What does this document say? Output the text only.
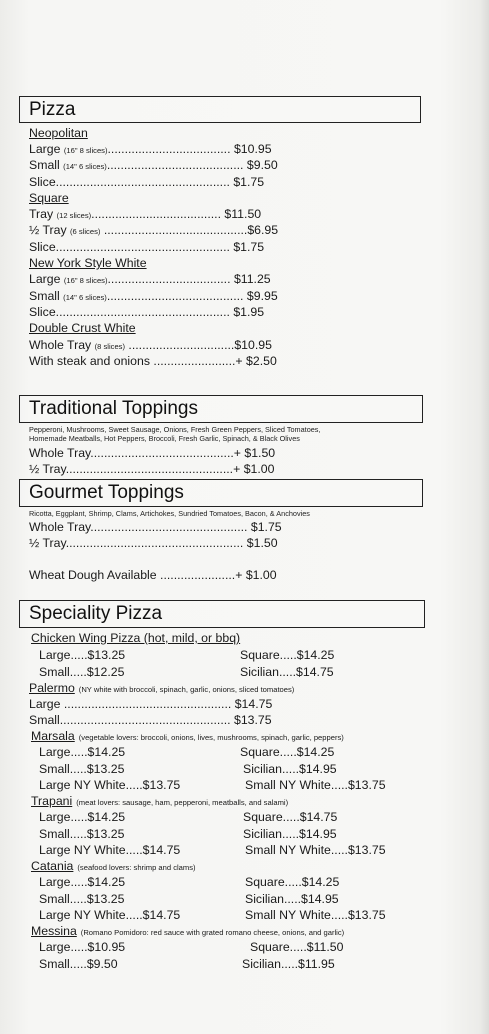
Pizza
Neopolitan
Large (16" 8 slices).................................... $10.95
Small (14" 6 slices)........................................ $9.50
Slice................................................... $1.75
Square
Tray (12 slices)...................................... $11.50
½ Tray (6 slices) ..........................................$6.95
Slice................................................... $1.75
New York Style White
Large (16" 8 slices).................................... $11.25
Small (14" 6 slices)........................................ $9.95
Slice................................................... $1.95
Double Crust White
Whole Tray (8 slices) ...............................$10.95
With steak and onions ........................+ $2.50
Traditional Toppings
Pepperoni, Mushrooms, Sweet Sausage, Onions, Fresh Green Peppers, Sliced Tomatoes,
Homemade Meatballs, Hot Peppers, Broccoli, Fresh Garlic, Spinach, & Black Olives
Whole Tray..........................................+ $1.50
½ Tray.................................................+ $1.00
Gourmet Toppings
Ricotta, Eggplant, Shrimp, Clams, Artichokes, Sundried Tomatoes, Bacon, & Anchovies
Whole Tray.............................................. $1.75
½ Tray.................................................... $1.50
Wheat Dough Available ......................+ $1.00
Speciality Pizza
Chicken Wing Pizza (hot, mild, or bbq)
Large.....$13.25	Square.....$14.25
Small.....$12.25	Sicilian.....$14.75
Palermo (NY white with broccoli, spinach, garlic, onions, sliced tomatoes)
Large ................................................. $14.75
Small.................................................. $13.75
Marsala (vegetable lovers: broccoli, onions, lives, mushrooms, spinach, garlic, peppers)
Large.....$14.25	Square.....$14.25
Small.....$13.25	Sicilian.....$14.95
Large NY White.....$13.75	Small NY White.....$13.75
Trapani (meat lovers: sausage, ham, pepperoni, meatballs, and salami)
Large.....$14.25	Square.....$14.75
Small.....$13.25	Sicilian.....$14.95
Large NY White.....$14.75	Small NY White.....$13.75
Catania (seafood lovers: shrimp and clams)
Large.....$14.25	Square.....$14.25
Small.....$13.25	Sicilian.....$14.95
Large NY White.....$14.75	Small NY White.....$13.75
Messina (Romano Pomidoro: red sauce with grated romano cheese, onions, and garlic)
Large.....$10.95	Square.....$11.50
Small.....$9.50	Sicilian.....$11.95
